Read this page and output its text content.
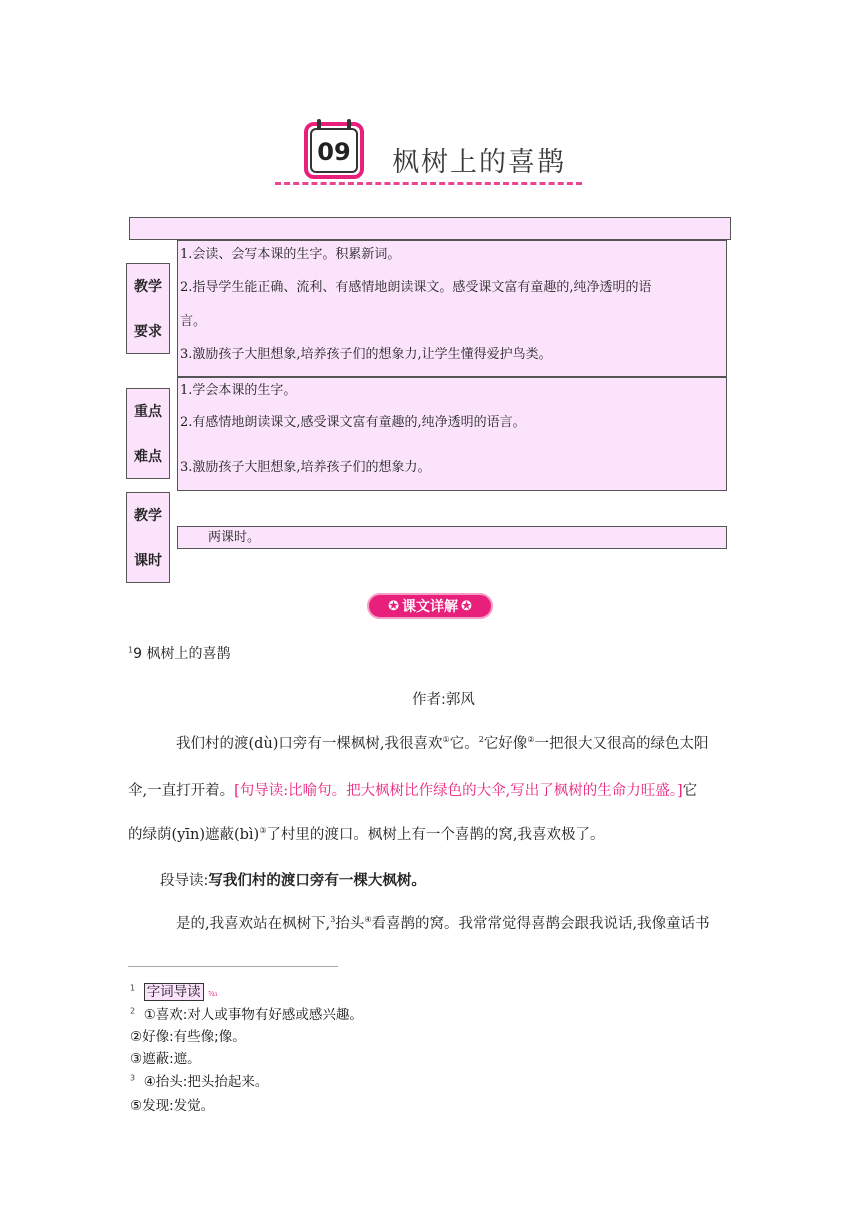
09 枫树上的喜鹊
教学
要求
1.会读、会写本课的生字。积累新词。
2.指导学生能正确、流利、有感情地朗读课文。感受课文富有童趣的,纯净透明的语
言。
3.激励孩子大胆想象,培养孩子们的想象力,让学生懂得爱护鸟类。
重点
难点
1.学会本课的生字。
2.有感情地朗读课文,感受课文富有童趣的,纯净透明的语言。
3.激励孩子大胆想象,培养孩子们的想象力。
教学
课时
两课时。
✪ 课文详解 ✪
$^1$9 枫树上的喜鹊
作者:郭风
我们村的渡(dù)口旁有一棵枫树,我很喜欢①它。$^2$它好像②一把很大又很高的绿色太阳
伞,一直打开着。[句导读:比喻句。把大枫树比作绿色的大伞,写出了枫树的生命力旺盛。]它
的绿荫(yīn)遮蔽(bì)③了村里的渡口。枫树上有一个喜鹊的窝,我喜欢极了。
段导读:写我们村的渡口旁有一棵大枫树。
是的,我喜欢站在枫树下,$^3$抬头④看喜鹊的窝。我常常觉得喜鹊会跟我说话,我像童话书
$^1$ 字词导读 ³⁄₄₁
$^2$ ①喜欢:对人或事物有好感或感兴趣。
②好像:有些像;像。
③遮蔽:遮。
$^3$ ④抬头:把头抬起来。
⑤发现:发觉。
